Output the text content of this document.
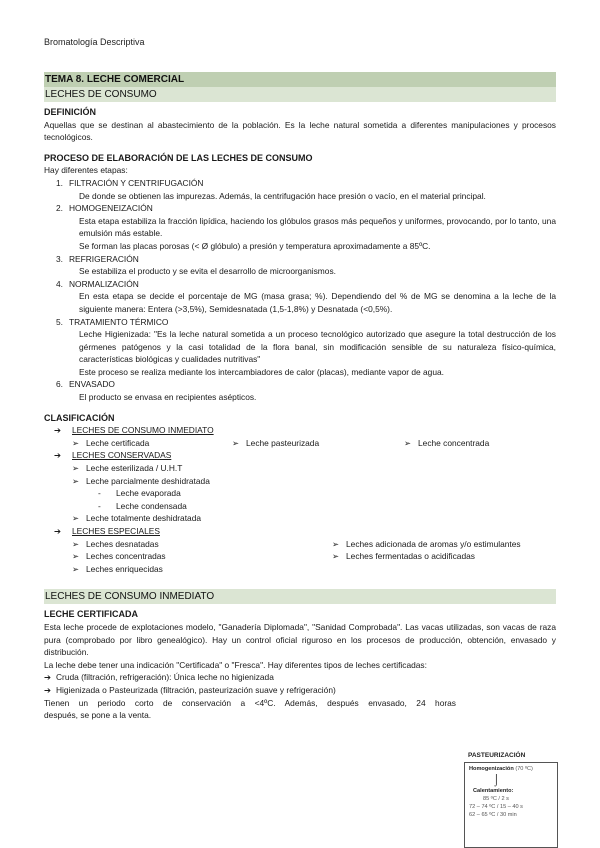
Bromatología Descriptiva
TEMA 8. LECHE COMERCIAL
LECHES DE CONSUMO
DEFINICIÓN
Aquellas que se destinan al abastecimiento de la población. Es la leche natural sometida a diferentes manipulaciones y procesos tecnológicos.
PROCESO DE ELABORACIÓN DE LAS LECHES DE CONSUMO
Hay diferentes etapas:
1. FILTRACIÓN Y CENTRIFUGACIÓN
De donde se obtienen las impurezas. Además, la centrifugación hace presión o vacío, en el material principal.
2. HOMOGENEIZACIÓN
Esta etapa estabiliza la fracción lipídica, haciendo los glóbulos grasos más pequeños y uniformes, provocando, por lo tanto, una emulsión más estable.
Se forman las placas porosas (< Ø glóbulo) a presión y temperatura aproximadamente a 85ºC.
3. REFRIGERACIÓN
Se estabiliza el producto y se evita el desarrollo de microorganismos.
4. NORMALIZACIÓN
En esta etapa se decide el porcentaje de MG (masa grasa; %). Dependiendo del % de MG se denomina a la leche de la siguiente manera: Entera (>3,5%), Semidesnatada (1,5-1,8%) y Desnatada (<0,5%).
5. TRATAMIENTO TÉRMICO
Leche Higienizada: "Es la leche natural sometida a un proceso tecnológico autorizado que asegure la total destrucción de los gérmenes patógenos y la casi totalidad de la flora banal, sin modificación sensible de su naturaleza físico-química, características biológicas y cualidades nutritivas"
Este proceso se realiza mediante los intercambiadores de calor (placas), mediante vapor de agua.
6. ENVASADO
El producto se envasa en recipientes asépticos.
CLASIFICACIÓN
➔	LECHES DE CONSUMO INMEDIATO
➢ Leche certificada	➢ Leche pasteurizada	➢ Leche concentrada
➔	LECHES CONSERVADAS
➢ Leche esterilizada / U.H.T
➢ Leche parcialmente deshidratada
-	Leche evaporada
-	Leche condensada
➢ Leche totalmente deshidratada
➔	LECHES ESPECIALES
➢ Leches desnatadas	➢ Leches adicionada de aromas y/o estimulantes
➢ Leches concentradas	➢ Leches fermentadas o acidificadas
➢ Leches enriquecidas
LECHES DE CONSUMO INMEDIATO
LECHE CERTIFICADA
Esta leche procede de explotaciones modelo, "Ganadería Diplomada", "Sanidad Comprobada". Las vacas utilizadas, son vacas de raza pura (comprobado por libro genealógico). Hay un control oficial riguroso en los procesos de producción, obtención, envasado y distribución.
La leche debe tener una indicación "Certificada" o "Fresca". Hay diferentes tipos de leches certificadas:
➔ Cruda (filtración, refrigeración): Única leche no higienizada
➔ Higienizada o Pasteurizada (filtración, pasteurización suave y refrigeración)
Tienen un periodo corto de conservación a <4ºC. Además, después envasado, 24 horas
después, se pone a la venta.
PASTEURIZACIÓN
Homogenización (70 ºC)
⌡
Calentamiento:
85 ºC / 2 s
72 – 74 ºC / 15 – 40 s
62 – 65 ºC / 30 min
